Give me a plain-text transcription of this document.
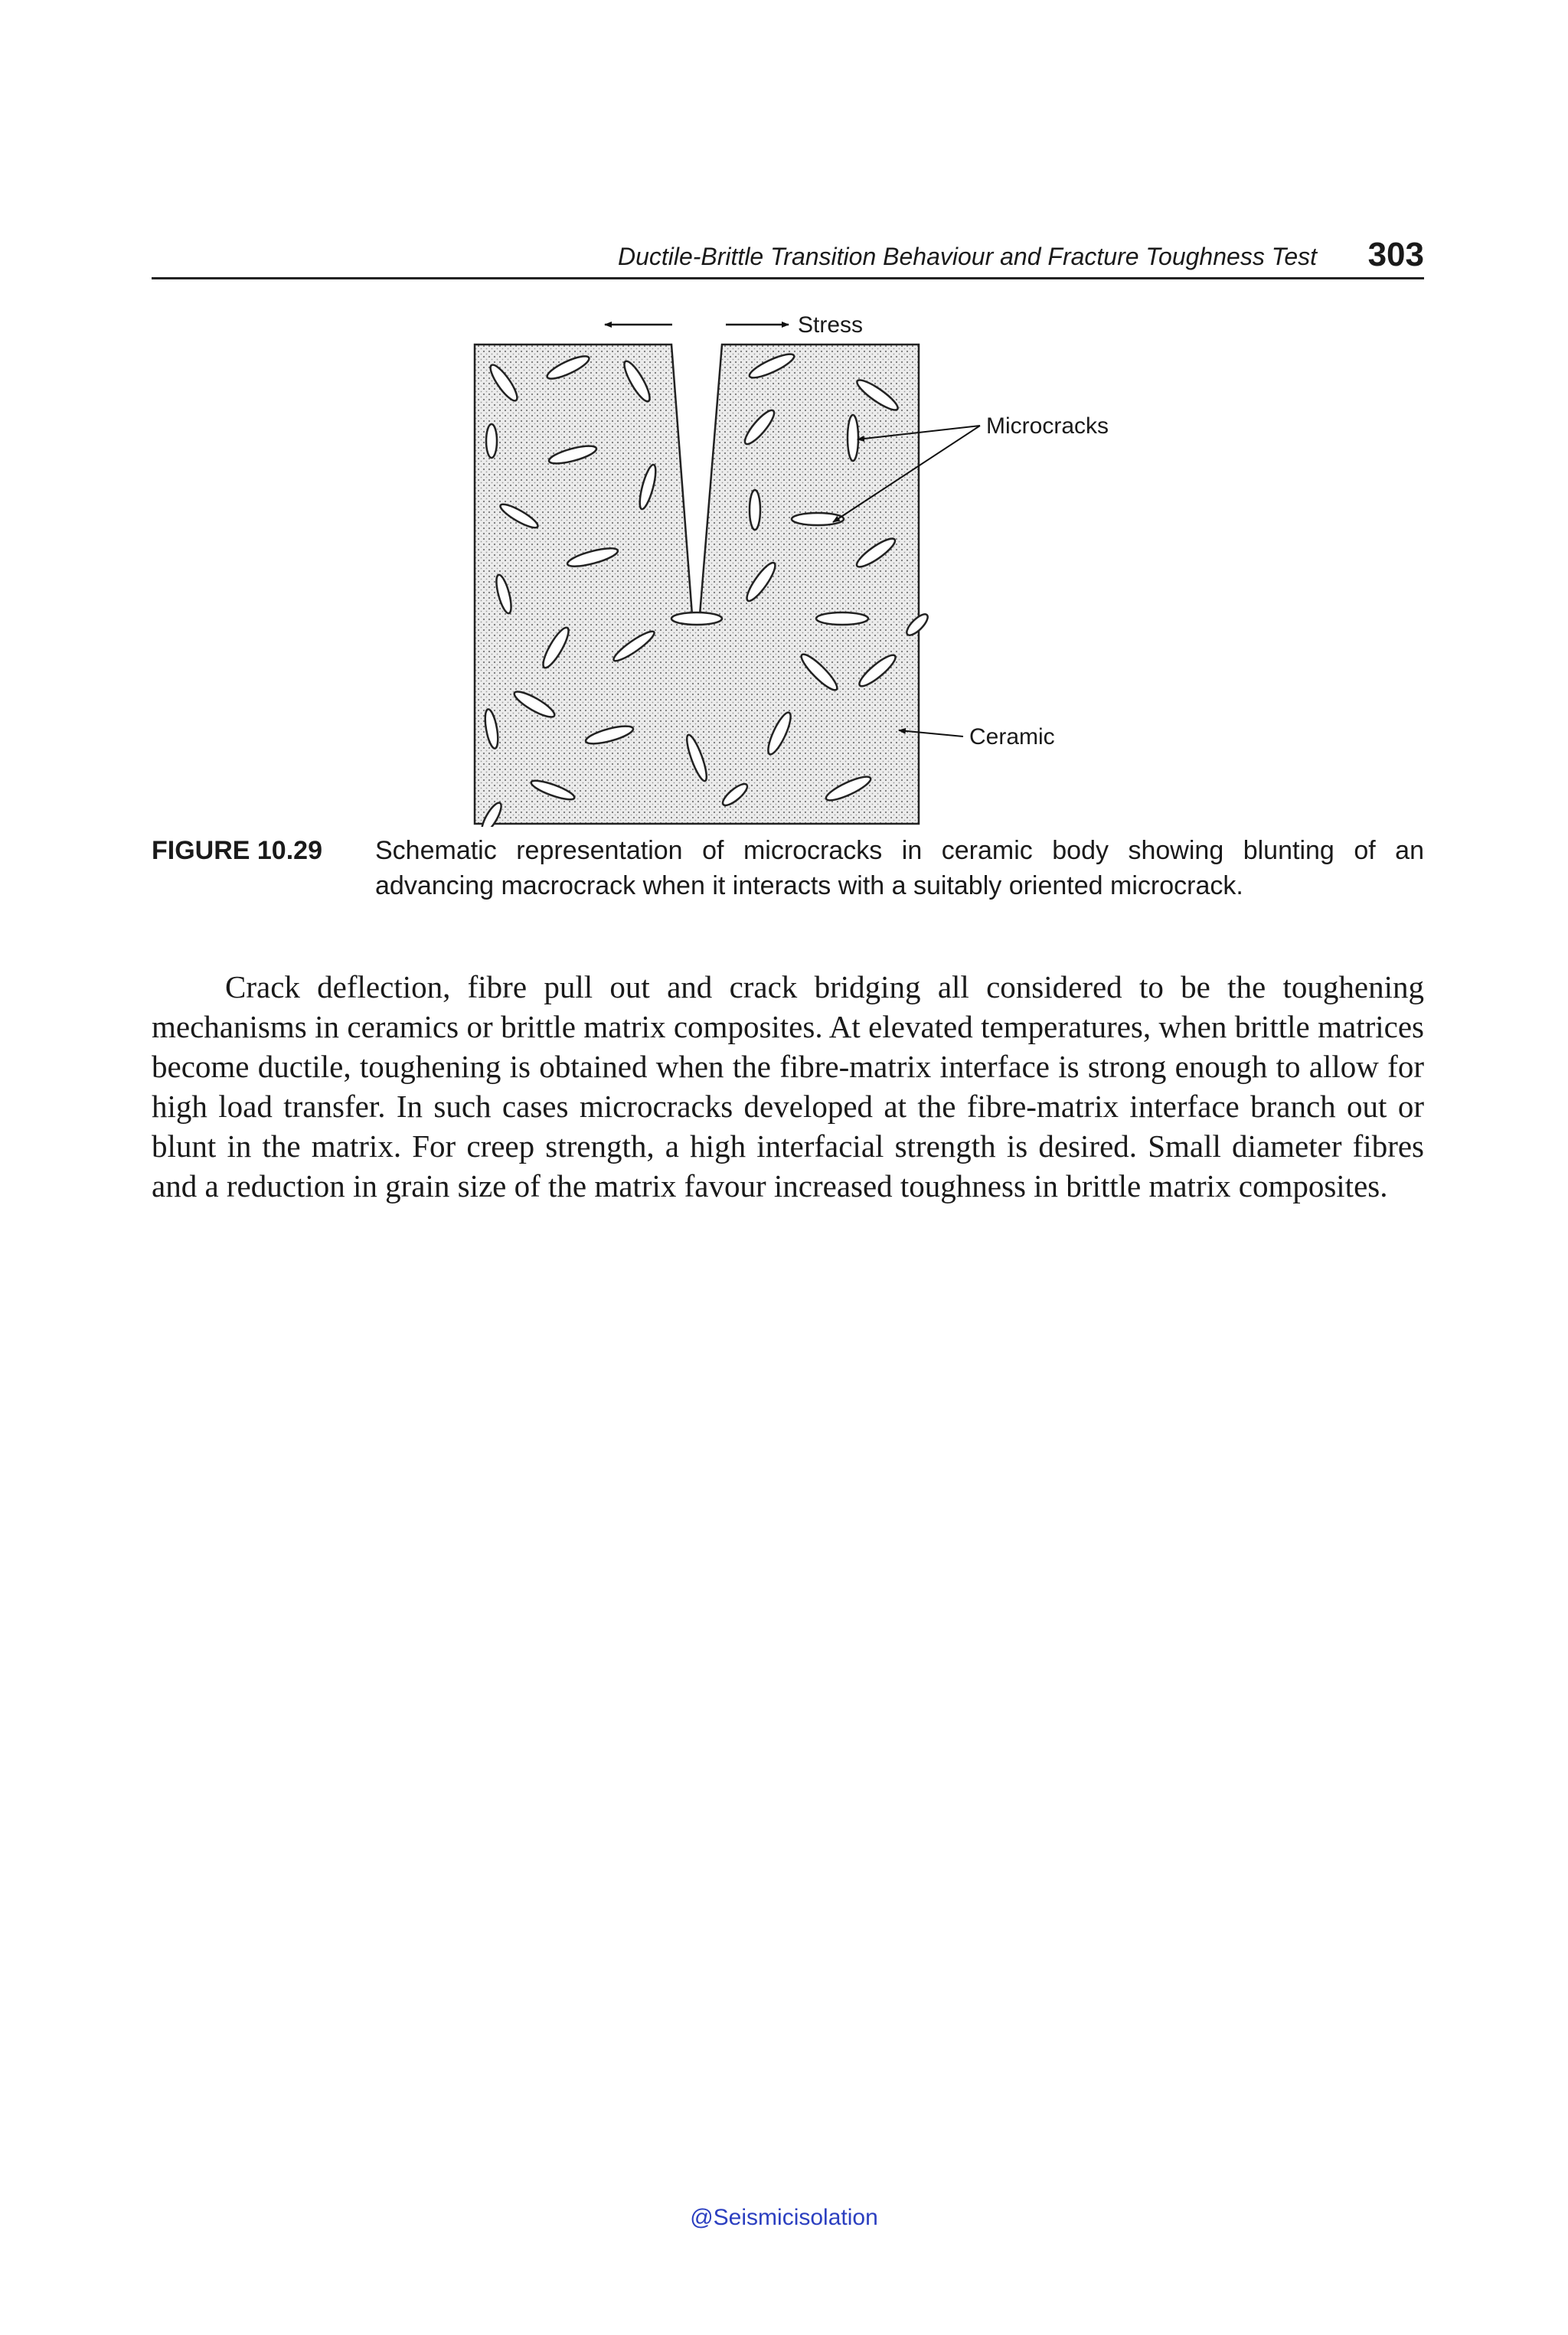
Ductile-Brittle Transition Behaviour and Fracture Toughness Test 303
Stress
Microcracks
Ceramic
FIGURE 10.29 Schematic representation of microcracks in ceramic body showing blunting of an advancing macrocrack when it interacts with a suitably oriented microcrack.

Crack deflection, fibre pull out and crack bridging all considered to be the toughening mechanisms in ceramics or brittle matrix composites. At elevated temperatures, when brittle matrices become ductile, toughening is obtained when the fibre-matrix interface is strong enough to allow for high load transfer. In such cases microcracks developed at the fibre-matrix interface branch out or blunt in the matrix. For creep strength, a high interfacial strength is desired. Small diameter fibres and a reduction in grain size of the matrix favour increased toughness in brittle matrix composites.

@Seismicisolation
